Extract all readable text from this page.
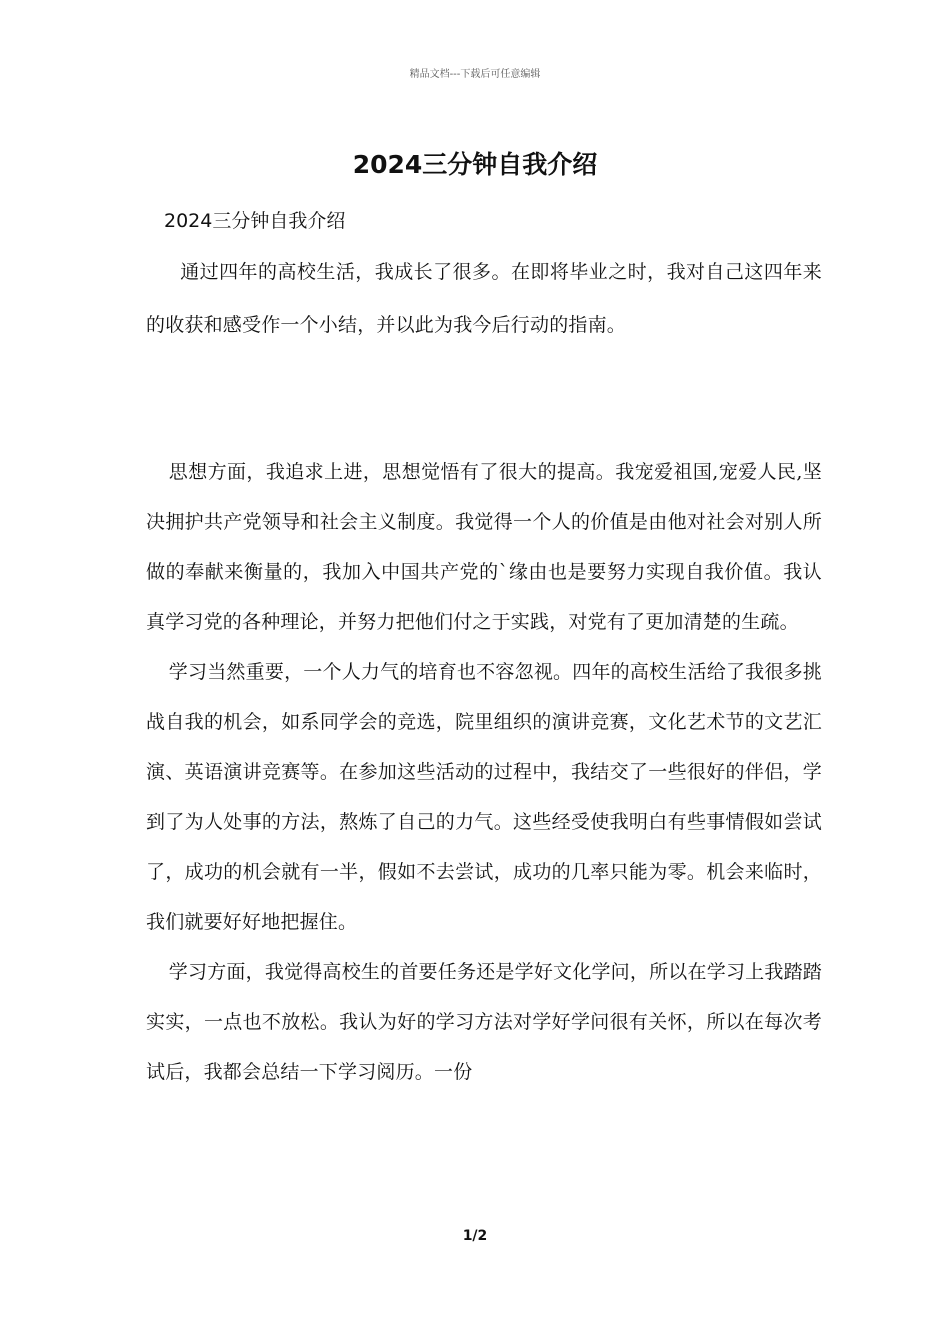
精品文档---下载后可任意编辑
2024三分钟自我介绍
2024三分钟自我介绍

通过四年的高校生活，我成长了很多。在即将毕业之时，我对自己这四年来的收获和感受作一个小结，并以此为我今后行动的指南。

思想方面，我追求上进，思想觉悟有了很大的提高。我宠爱祖国,宠爱人民,坚决拥护共产党领导和社会主义制度。我觉得一个人的价值是由他对社会对别人所做的奉献来衡量的，我加入中国共产党的`缘由也是要努力实现自我价值。我认真学习党的各种理论，并努力把他们付之于实践，对党有了更加清楚的生疏。

学习当然重要，一个人力气的培育也不容忽视。四年的高校生活给了我很多挑战自我的机会，如系同学会的竞选，院里组织的演讲竞赛，文化艺术节的文艺汇演、英语演讲竞赛等。在参加这些活动的过程中，我结交了一些很好的伴侣，学到了为人处事的方法，熬炼了自己的力气。这些经受使我明白有些事情假如尝试了，成功的机会就有一半，假如不去尝试，成功的几率只能为零。机会来临时，我们就要好好地把握住。

学习方面，我觉得高校生的首要任务还是学好文化学问，所以在学习上我踏踏实实，一点也不放松。我认为好的学习方法对学好学问很有关怀，所以在每次考试后，我都会总结一下学习阅历。一份

1/2
